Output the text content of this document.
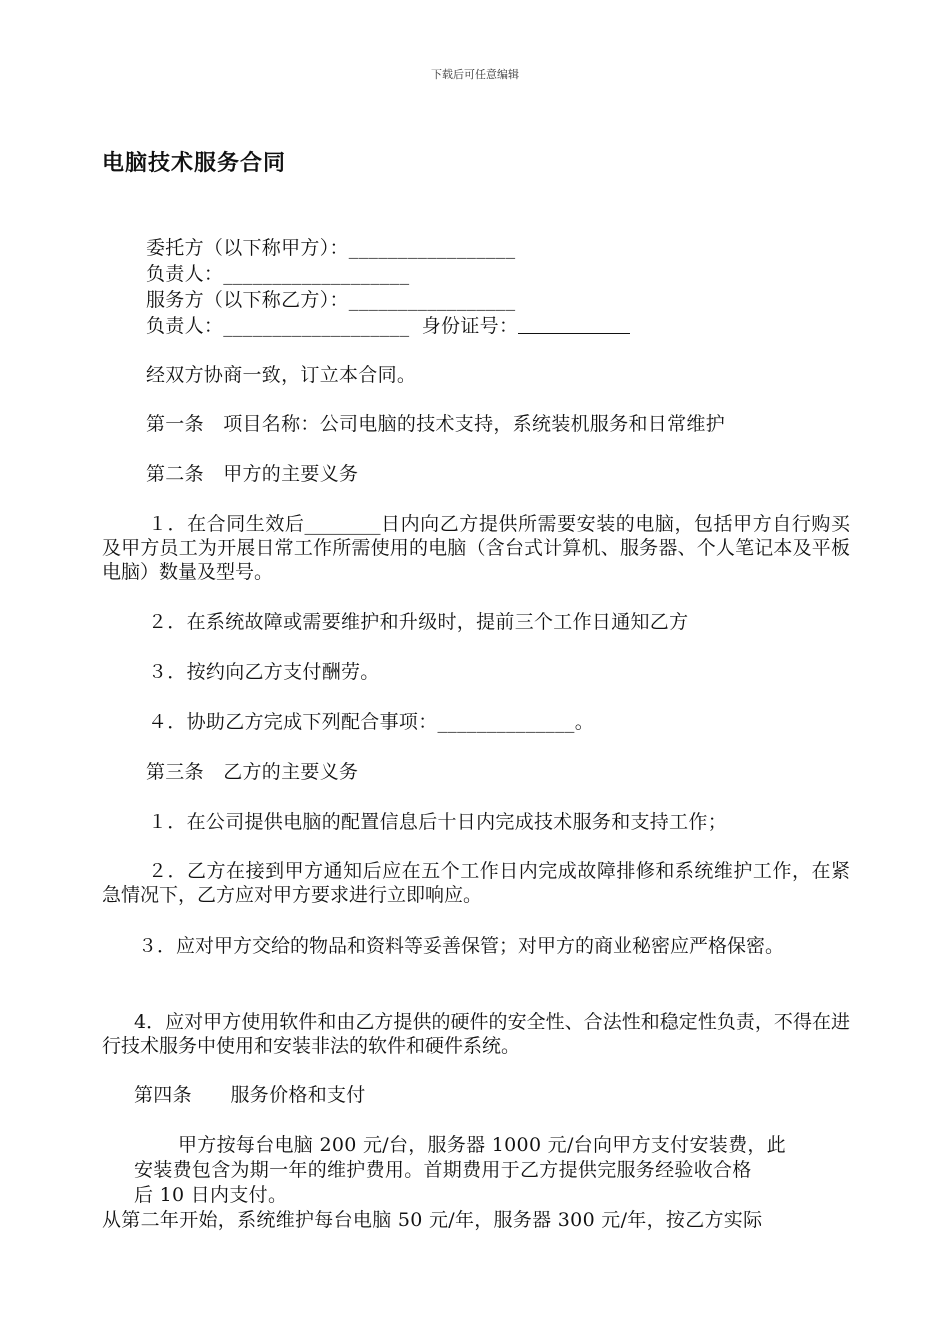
下载后可任意编辑
电脑技术服务合同
委托方（以下称甲方）：_________________
负责人：___________________
服务方（以下称乙方）：_________________
负责人：___________________ 身份证号：
经双方协商一致，订立本合同。
第一条　项目名称：公司电脑的技术支持，系统装机服务和日常维护
第二条　甲方的主要义务
１．在合同生效后________日内向乙方提供所需要安装的电脑，包括甲方自行购买及甲方员工为开展日常工作所需使用的电脑（含台式计算机、服务器、个人笔记本及平板电脑）数量及型号。
２．在系统故障或需要维护和升级时，提前三个工作日通知乙方
３．按约向乙方支付酬劳。
４．协助乙方完成下列配合事项：______________。
第三条　乙方的主要义务
１．在公司提供电脑的配置信息后十日内完成技术服务和支持工作；
２．乙方在接到甲方通知后应在五个工作日内完成故障排修和系统维护工作，在紧急情况下，乙方应对甲方要求进行立即响应。
３．应对甲方交给的物品和资料等妥善保管；对甲方的商业秘密应严格保密。
4．应对甲方使用软件和由乙方提供的硬件的安全性、合法性和稳定性负责，不得在进行技术服务中使用和安装非法的软件和硬件系统。
第四条　　服务价格和支付
甲方按每台电脑 200 元/台，服务器 1000 元/台向甲方支付安装费，此
安装费包含为期一年的维护费用。首期费用于乙方提供完服务经验收合格
后 10 日内支付。
从第二年开始，系统维护每台电脑 50 元/年，服务器 300 元/年，按乙方实际
